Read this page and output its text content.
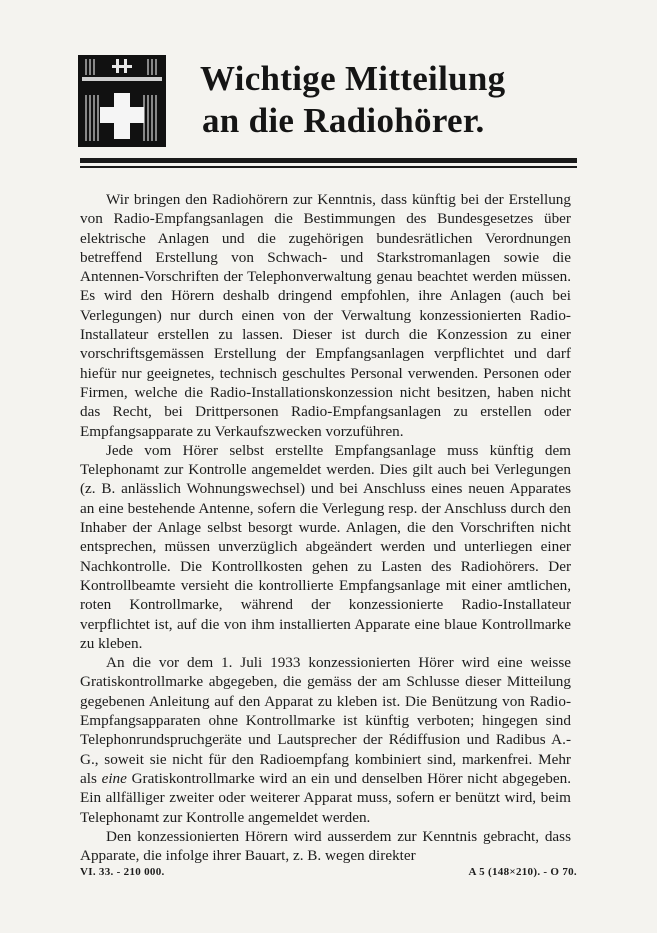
Wichtige Mitteilung
an die Radiohörer.

Wir bringen den Radiohörern zur Kenntnis, dass künftig bei der Erstellung von Radio-Empfangsanlagen die Bestimmungen des Bundesgesetzes über elektrische Anlagen und die zugehörigen bundesrätlichen Verordnungen betreffend Erstellung von Schwach- und Starkstromanlagen sowie die Antennen-Vorschriften der Telephonverwaltung genau beachtet werden müssen. Es wird den Hörern deshalb dringend empfohlen, ihre Anlagen (auch bei Verlegungen) nur durch einen von der Verwaltung konzessionierten Radio-Installateur erstellen zu lassen. Dieser ist durch die Konzession zu einer vorschriftsgemässen Erstellung der Empfangsanlagen verpflichtet und darf hiefür nur geeignetes, technisch geschultes Personal verwenden. Personen oder Firmen, welche die Radio-Installationskonzession nicht besitzen, haben nicht das Recht, bei Drittpersonen Radio-Empfangsanlagen zu erstellen oder Empfangsapparate zu Verkaufszwecken vorzuführen.

Jede vom Hörer selbst erstellte Empfangsanlage muss künftig dem Telephonamt zur Kontrolle angemeldet werden. Dies gilt auch bei Verlegungen (z. B. anlässlich Wohnungswechsel) und bei Anschluss eines neuen Apparates an eine bestehende Antenne, sofern die Verlegung resp. der Anschluss durch den Inhaber der Anlage selbst besorgt wurde. Anlagen, die den Vorschriften nicht entsprechen, müssen unverzüglich abgeändert werden und unterliegen einer Nachkontrolle. Die Kontrollkosten gehen zu Lasten des Radiohörers. Der Kontrollbeamte versieht die kontrollierte Empfangsanlage mit einer amtlichen, roten Kontrollmarke, während der konzessionierte Radio-Installateur verpflichtet ist, auf die von ihm installierten Apparate eine blaue Kontrollmarke zu kleben.

An die vor dem 1. Juli 1933 konzessionierten Hörer wird eine weisse Gratiskontrollmarke abgegeben, die gemäss der am Schlusse dieser Mitteilung gegebenen Anleitung auf den Apparat zu kleben ist. Die Benützung von Radio-Empfangsapparaten ohne Kontrollmarke ist künftig verboten; hingegen sind Telephonrundspruchgeräte und Lautsprecher der Rédiffusion und Radibus A.-G., soweit sie nicht für den Radioempfang kombiniert sind, markenfrei. Mehr als eine Gratiskontrollmarke wird an ein und denselben Hörer nicht abgegeben. Ein allfälliger zweiter oder weiterer Apparat muss, sofern er benützt wird, beim Telephonamt zur Kontrolle angemeldet werden.

Den konzessionierten Hörern wird ausserdem zur Kenntnis gebracht, dass Apparate, die infolge ihrer Bauart, z. B. wegen direkter

VI. 33. - 210 000.	A 5 (148×210). - O 70.
